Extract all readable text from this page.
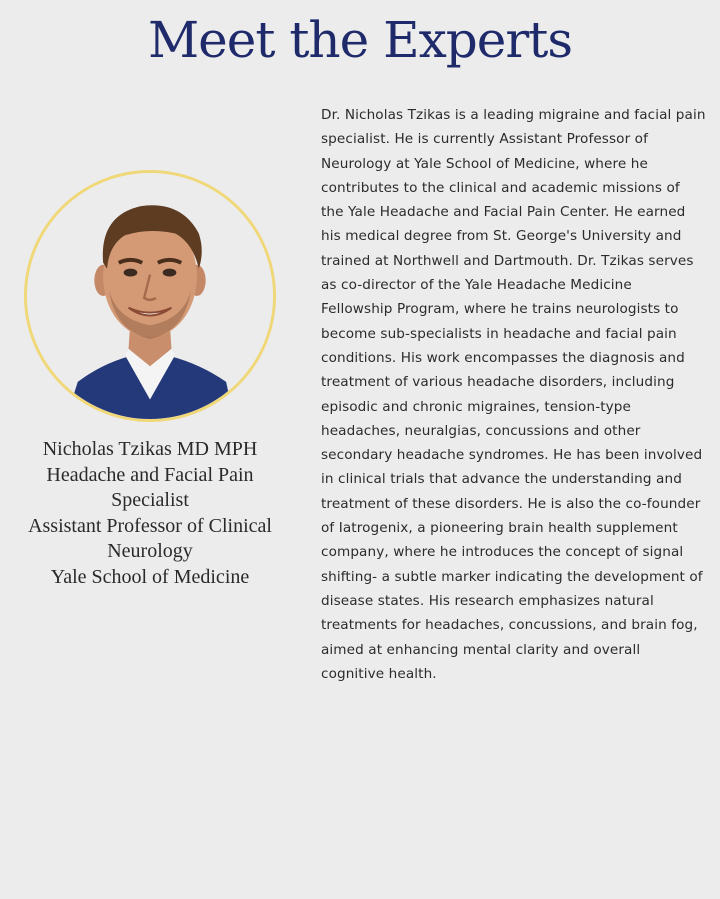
Meet the Experts
Nicholas Tzikas MD MPH
Headache and Facial Pain
Specialist
Assistant Professor of Clinical
Neurology
Yale School of Medicine
Dr. Nicholas Tzikas is a leading migraine and facial pain specialist. He is currently Assistant Professor of Neurology at Yale School of Medicine, where he contributes to the clinical and academic missions of the Yale Headache and Facial Pain Center. He earned his medical degree from St. George's University and trained at Northwell and Dartmouth. Dr. Tzikas serves as co-director of the Yale Headache Medicine Fellowship Program, where he trains neurologists to become sub-specialists in headache and facial pain conditions. His work encompasses the diagnosis and treatment of various headache disorders, including episodic and chronic migraines, tension-type headaches, neuralgias, concussions and other secondary headache syndromes. He has been involved in clinical trials that advance the understanding and treatment of these disorders. He is also the co-founder of Iatrogenix, a pioneering brain health supplement company, where he introduces the concept of signal shifting- a subtle marker indicating the development of disease states. His research emphasizes natural treatments for headaches, concussions, and brain fog, aimed at enhancing mental clarity and overall cognitive health.
